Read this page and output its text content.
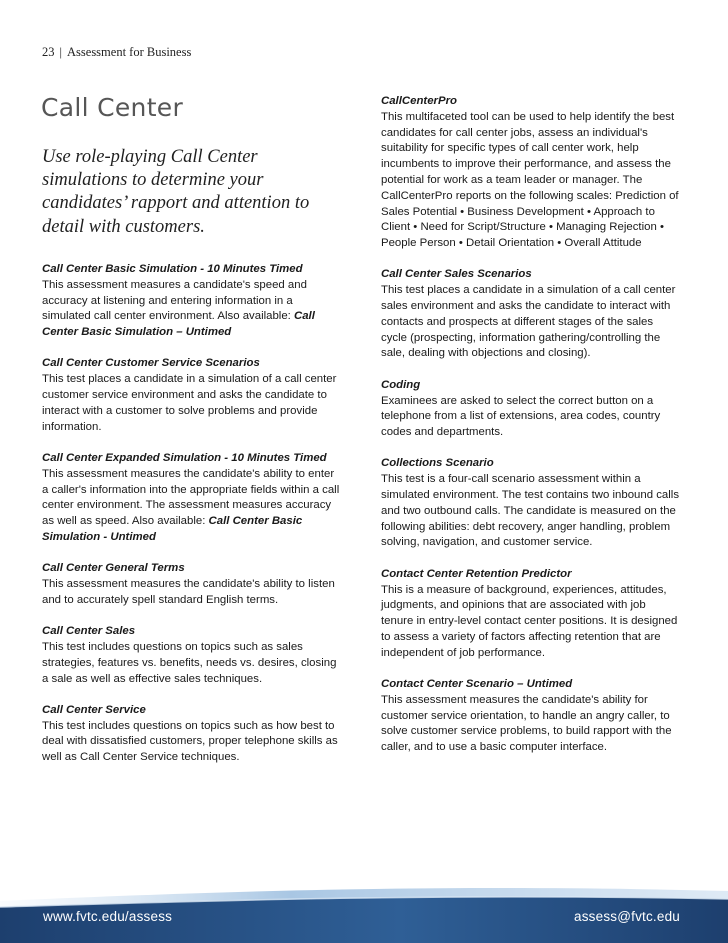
23 | Assessment for Business
Call Center

Use role-playing Call Center simulations to determine your candidates’ rapport and attention to detail with customers.

Call Center Basic Simulation - 10 Minutes Timed
This assessment measures a candidate's speed and accuracy at listening and entering information in a simulated call center environment. Also available: Call Center Basic Simulation – Untimed
Call Center Customer Service Scenarios
This test places a candidate in a simulation of a call center customer service environment and asks the candidate to interact with a customer to solve problems and provide information.
Call Center Expanded Simulation - 10 Minutes Timed
This assessment measures the candidate's ability to enter a caller's information into the appropriate fields within a call center environment. The assessment measures accuracy as well as speed. Also available: Call Center Basic Simulation - Untimed
Call Center General Terms
This assessment measures the candidate's ability to listen and to accurately spell standard English terms.
Call Center Sales
This test includes questions on topics such as sales strategies, features vs. benefits, needs vs. desires, closing a sale as well as effective sales techniques.
Call Center Service
This test includes questions on topics such as how best to deal with dissatisfied customers, proper telephone skills as well as Call Center Service techniques.
CallCenterPro
This multifaceted tool can be used to help identify the best candidates for call center jobs, assess an individual's suitability for specific types of call center work, help incumbents to improve their performance, and assess the potential for work as a team leader or manager. The CallCenterPro reports on the following scales: Prediction of Sales Potential • Business Development • Approach to Client • Need for Script/Structure • Managing Rejection • People Person • Detail Orientation • Overall Attitude
Call Center Sales Scenarios
This test places a candidate in a simulation of a call center sales environment and asks the candidate to interact with contacts and prospects at different stages of the sales cycle (prospecting, information gathering/controlling the sale, dealing with objections and closing).
Coding
Examinees are asked to select the correct button on a telephone from a list of extensions, area codes, country codes and departments.
Collections Scenario
This test is a four-call scenario assessment within a simulated environment. The test contains two inbound calls and two outbound calls. The candidate is measured on the following abilities: debt recovery, anger handling, problem solving, navigation, and customer service.
Contact Center Retention Predictor
This is a measure of background, experiences, attitudes, judgments, and opinions that are associated with job tenure in entry-level contact center positions. It is designed to assess a variety of factors affecting retention that are independent of job performance.
Contact Center Scenario – Untimed
This assessment measures the candidate's ability for customer service orientation, to handle an angry caller, to solve customer service problems, to build rapport with the caller, and to use a basic computer interface.
www.fvtc.edu/assess	assess@fvtc.edu
